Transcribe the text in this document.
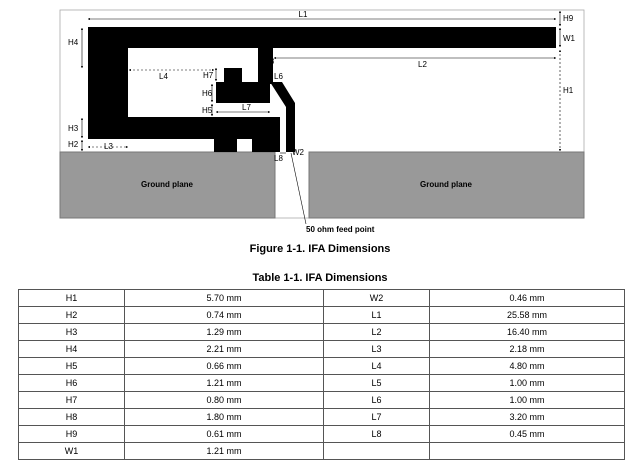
Ground plane	Ground plane
L1	H9
W1
H1
H4
L2
H8
L4	H7 L5	L6
H6
H5	L7
H3
H2	L3
L8
W2
50 ohm feed point
Figure 1-1. IFA Dimensions
Table 1-1. IFA Dimensions
H1	5.70 mm	W2	0.46 mm
H2	0.74 mm	L1	25.58 mm
H3	1.29 mm	L2	16.40 mm
H4	2.21 mm	L3	2.18 mm
H5	0.66 mm	L4	4.80 mm
H6	1.21 mm	L5	1.00 mm
H7	0.80 mm	L6	1.00 mm
H8	1.80 mm	L7	3.20 mm
H9	0.61 mm	L8	0.45 mm
W1	1.21 mm		
